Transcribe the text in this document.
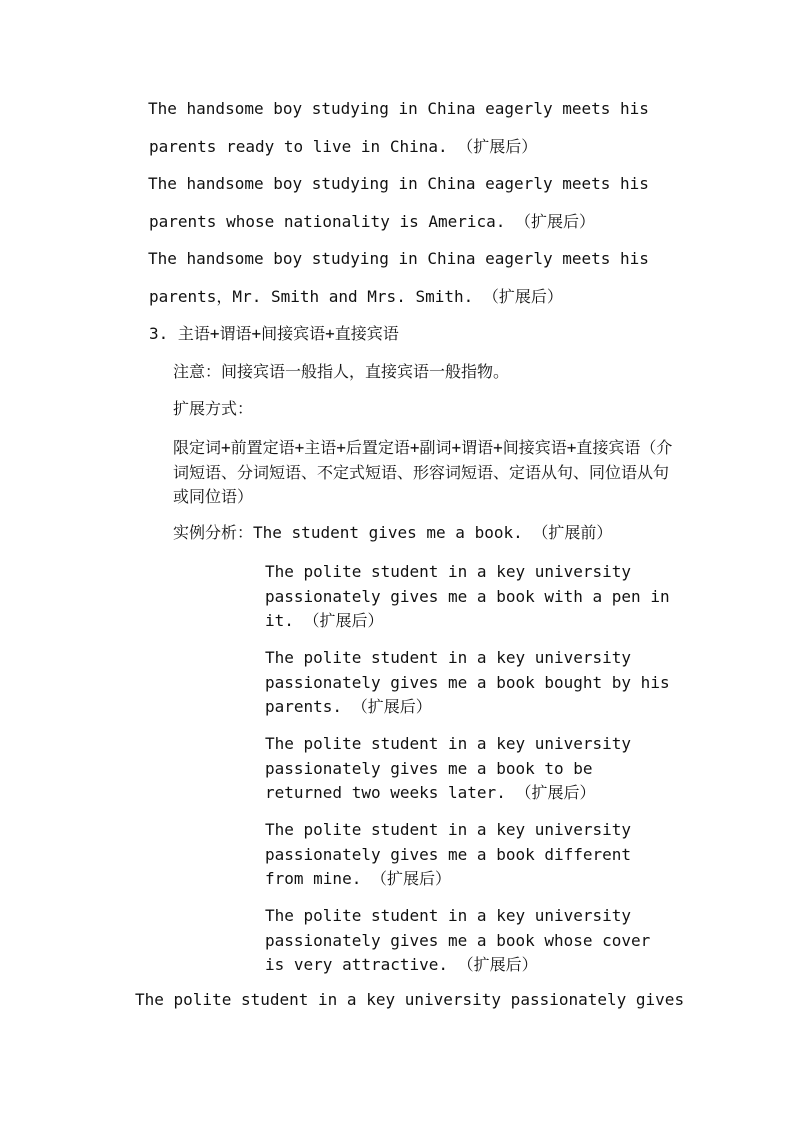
The handsome boy studying in China eagerly meets his
parents ready to live in China. （扩展后）
The handsome boy studying in China eagerly meets his
parents whose nationality is America. （扩展后）
The handsome boy studying in China eagerly meets his
parents，Mr. Smith and Mrs. Smith. （扩展后）
3. 主语+谓语+间接宾语+直接宾语
注意：间接宾语一般指人，直接宾语一般指物。
扩展方式：
限定词+前置定语+主语+后置定语+副词+谓语+间接宾语+直接宾语（介词短语、分词短语、不定式短语、形容词短语、定语从句、同位语从句或同位语）
实例分析：The student gives me a book. （扩展前）
The polite student in a key university passionately gives me a book with a pen in it. （扩展后）
The polite student in a key university passionately gives me a book bought by his parents. （扩展后）
The polite student in a key university passionately gives me a book to be returned two weeks later. （扩展后）
The polite student in a key university passionately gives me a book different from mine. （扩展后）
The polite student in a key university passionately gives me a book whose cover is very attractive. （扩展后）
The polite student in a key university passionately gives
